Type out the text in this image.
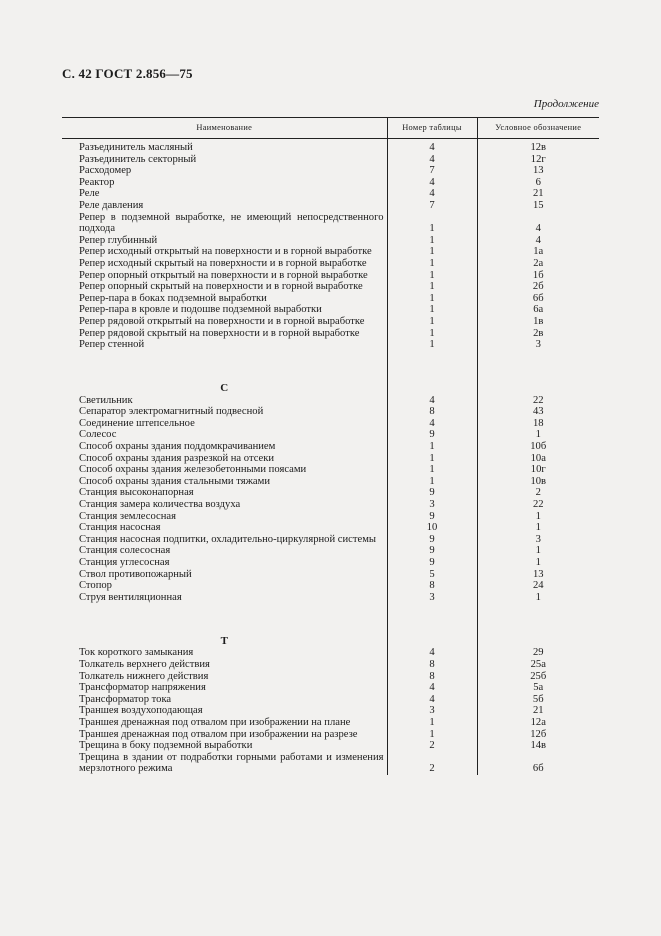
С. 42 ГОСТ 2.856—75
Продолжение
Наименование	Номер таблицы	Условное обозначение
Разъединитель масляный	4	12в
Разъединитель секторный	4	12г
Расходомер	7	13
Реактор	4	6
Реле	4	21
Реле давления	7	15
Репер в подземной выработке, не имеющий непосредственного подхода	1	4
Репер глубинный	1	4
Репер исходный открытый на поверхности и в горной выработке	1	1а
Репер исходный скрытый на поверхности и в горной выработке	1	2а
Репер опорный открытый на поверхности и в горной выработке	1	1б
Репер опорный скрытый на поверхности и в горной выработке	1	2б
Репер-пара в боках подземной выработки	1	6б
Репер-пара в кровле и подошве подземной выработки	1	6а
Репер рядовой открытый на поверхности и в горной выработке	1	1в
Репер рядовой скрытый на поверхности и в горной выработке	1	2в
Репер стенной	1	3
С		
Светильник	4	22
Сепаратор электромагнитный подвесной	8	43
Соединение штепсельное	4	18
Солесос	9	1
Способ охраны здания поддомкрачиванием	1	10б
Способ охраны здания разрезкой на отсеки	1	10а
Способ охраны здания железобетонными поясами	1	10г
Способ охраны здания стальными тяжами	1	10в
Станция высоконапорная	9	2
Станция замера количества воздуха	3	22
Станция землесосная	9	1
Станция насосная	10	1
Станция насосная подпитки, охладительно-циркулярной системы	9	3
Станция солесосная	9	1
Станция углесосная	9	1
Ствол противопожарный	5	13
Стопор	8	24
Струя вентиляционная	3	1
Т		
Ток короткого замыкания	4	29
Толкатель верхнего действия	8	25а
Толкатель нижнего действия	8	25б
Трансформатор напряжения	4	5а
Трансформатор тока	4	5б
Траншея воздухоподающая	3	21
Траншея дренажная под отвалом при изображении на плане	1	12а
Траншея дренажная под отвалом при изображении на разрезе	1	12б
Трещина в боку подземной выработки	2	14в
Трещина в здании от подработки горными работами и изменения мерзлотного режима	2	6б
